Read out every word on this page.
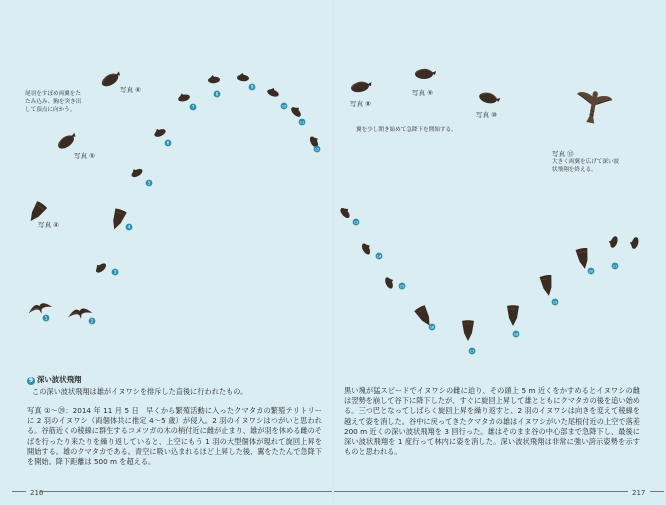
1
2
3
4
5
6
7
8
9
10
11
12
13
14
15
16
17
18
19
20
21
写真 ⑥
写真 ⑤
写真 ④
写真 ⑧
写真 ⑨
写真 ⑩
写真 ⑬
尾羽をすぼめ両翼をたたみ込み、胸を突き出して頂点に向かう。
翼を少し開き始めて急降下を開始する。
大きく両翼を広げて深い波状飛翔を終える。
9 深い波状飛翔
この深い波状飛翔は雄がイヌワシを排斥した直後に行われたもの。
写真 ①〜⑳：2014 年 11 月 5 日　早くから繁殖活動に入ったクマタカの繁殖テリトリーに 2 羽のイヌワシ（両個体共に推定 4〜5 歳）が侵入。2 羽のイヌワシはつがいと思われる。谷筋近くの稜線に群生するコメツガの木の梢付近に雌が止まり、雄が羽を休める雌のそばを行ったり来たりを繰り返していると、上空にもう 1 羽の大型個体が現れて旋回上昇を開始する。雄のクマタカである。青空に吸い込まれるほど上昇した後、翼をたたんで急降下を開始。降下距離は 500 m を超える。
黒い塊が猛スピードでイヌワシの雌に迫り、その頭上 5 m 近くをかすめるとイヌワシの雌は翌勢を崩して谷下に降下したが、すぐに旋回上昇して雄とともにクマタカの後を追い始める。三つ巴となってしばらく旋回上昇を繰り返すと、2 羽のイヌワシは向きを変えて稜線を越えて姿を消した。谷中に戻ってきたクマタカの雄はイヌワシがいた尾根付近の上空で落差 200 m 近くの深い波状飛翔を 3 回行った。雄はそのまま谷の中心部まで急降下し、最後に深い波状飛翔を 1 度行って林内に姿を消した。深い波状飛翔は非常に強い誇示姿勢を示すものと思われる。
216	217
